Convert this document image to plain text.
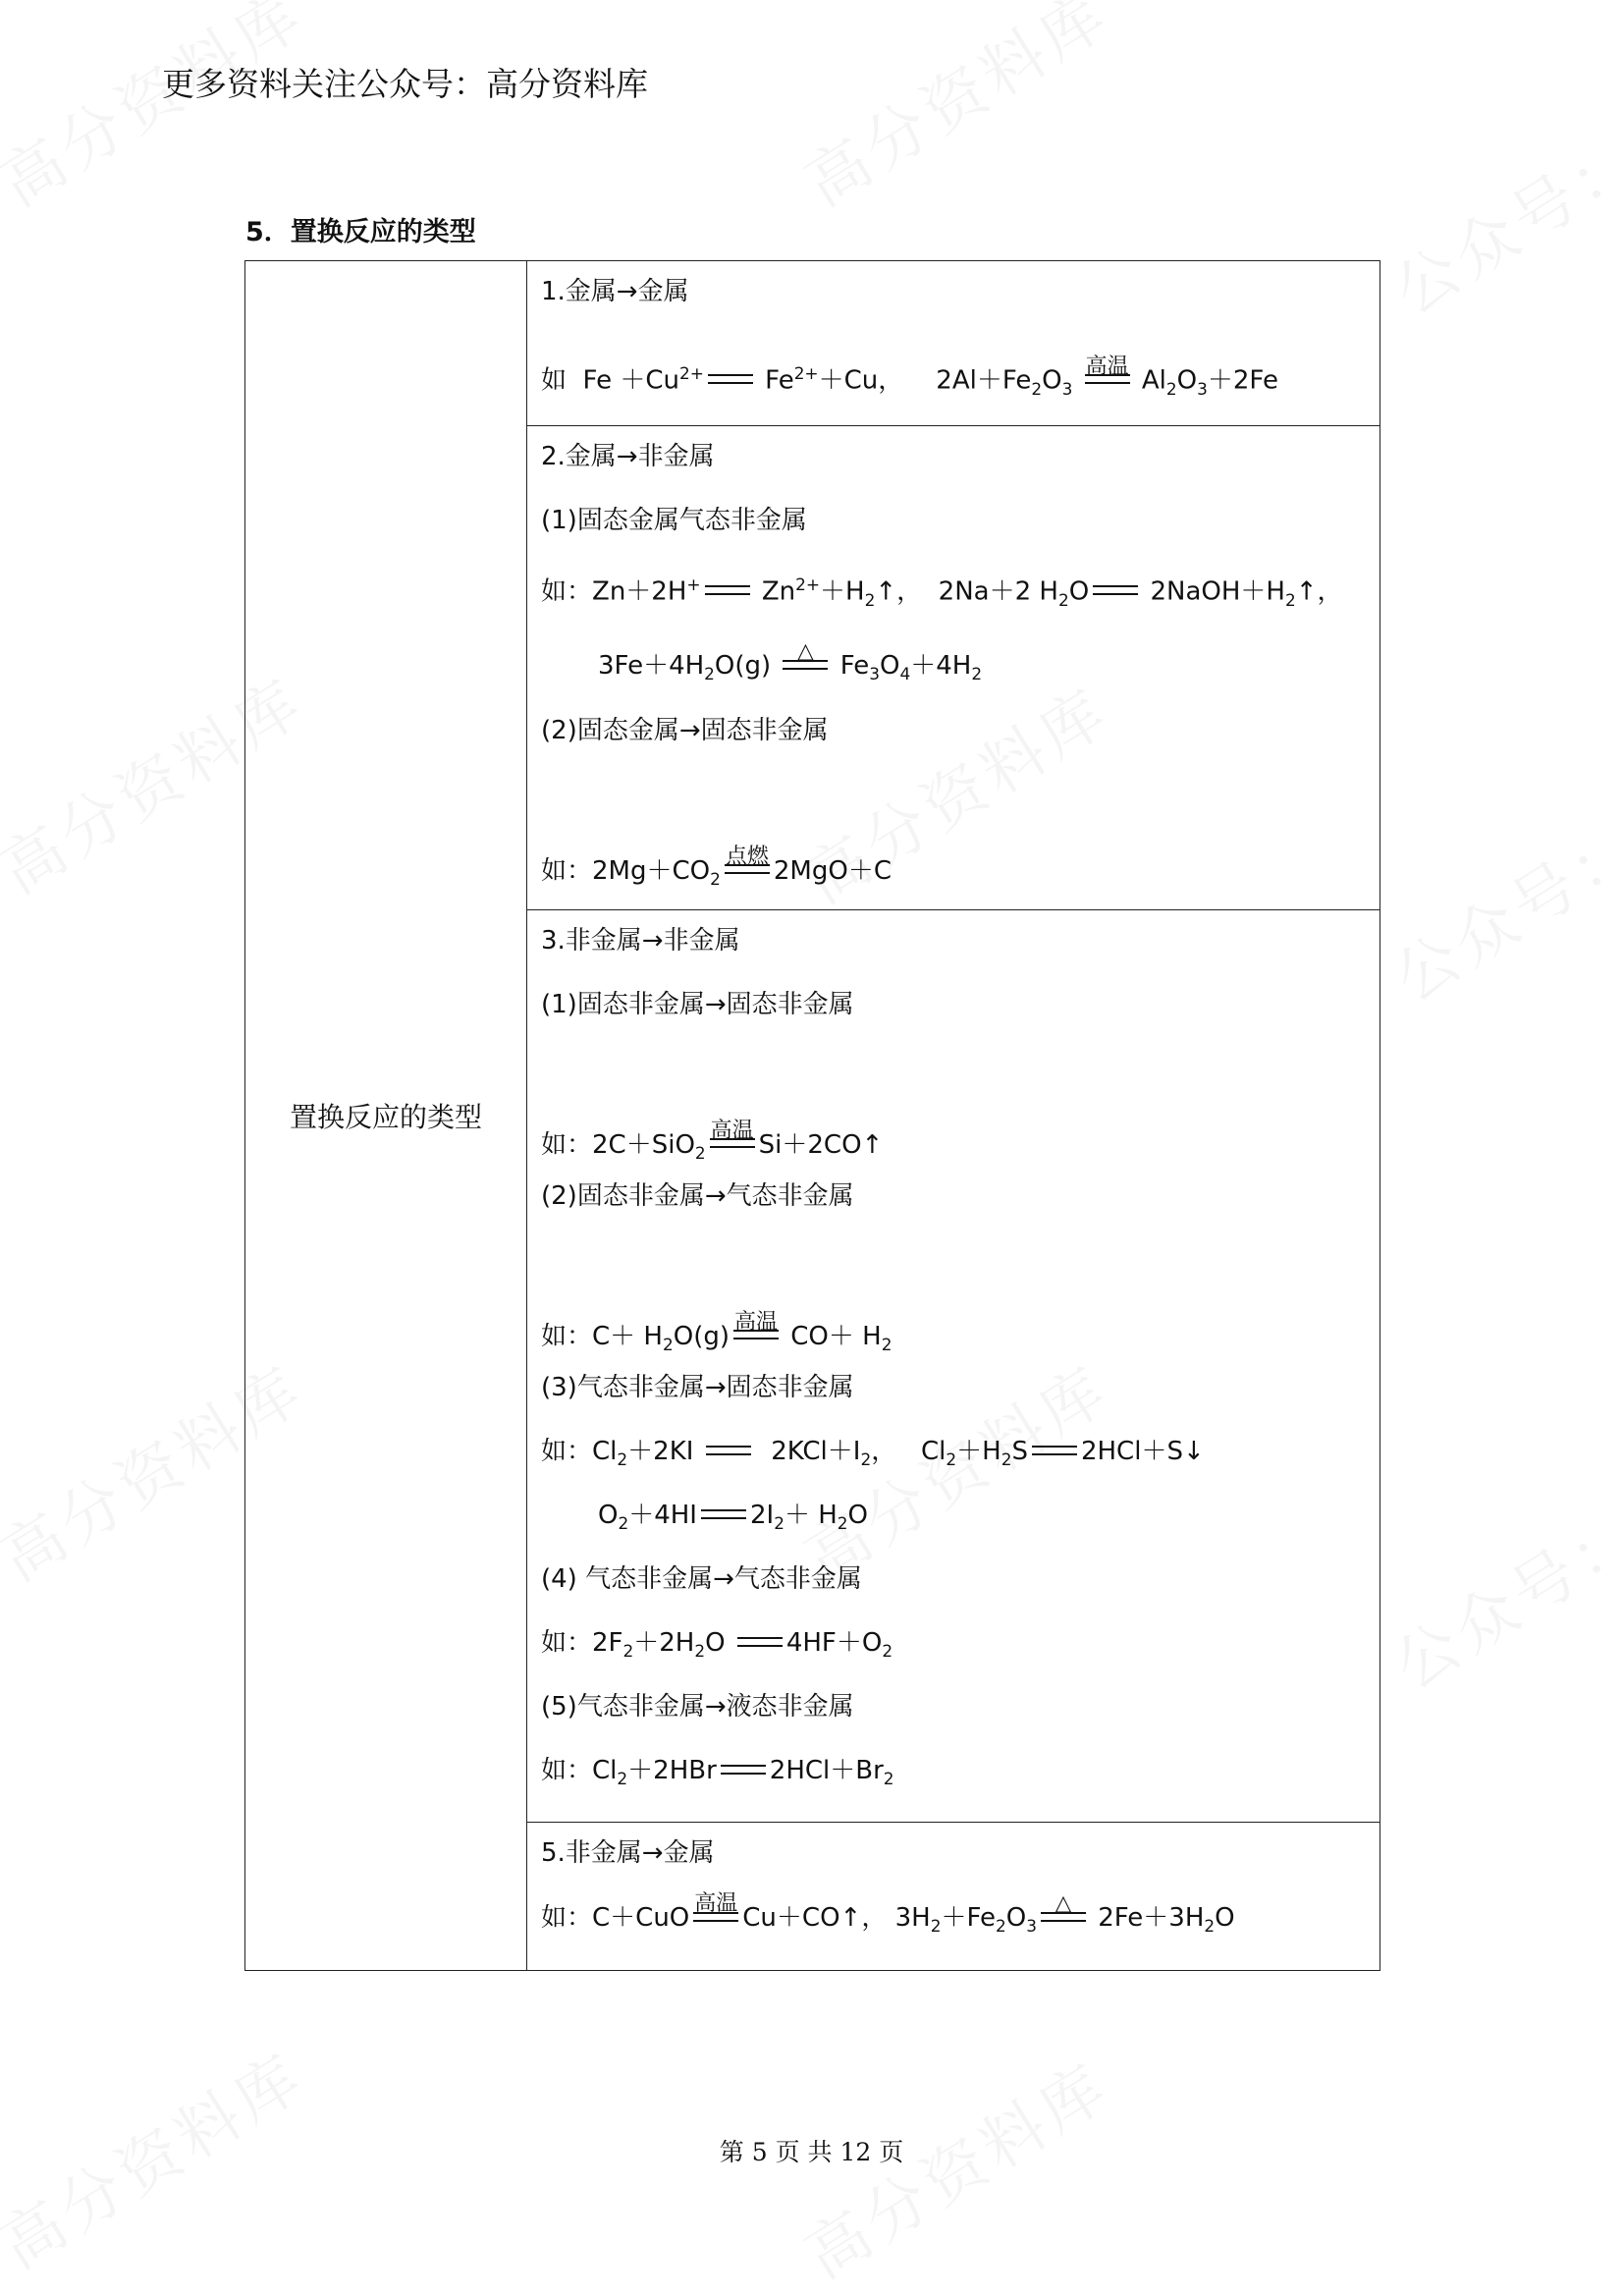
更多资料关注公众号：高分资料库
5．置换反应的类型
置换反应的类型	
1.金属→金属
如 $Fe +Cu^{2+}$ $Fe^{2+}+Cu$， $2Al+Fe_2O_3$
高温 $Al_2O_3+2Fe$

2.金属→非金属
(1)固态金属气态非金属
如：Zn＋2H+ $Zn^{2+}+H_2↑$， 2Na＋2 $H_2O$ $2NaOH+H_2↑$，
$3Fe+4H_2O(g)$ △ $Fe_3O_4+4H_2$
(2)固态金属→固态非金属
如：$2Mg+CO_2$
点燃 2MgO＋C

3.非金属→非金属
(1)固态非金属→固态非金属
如：2C＋SiO$_2$
高温 Si＋2CO↑
(2)固态非金属→气态非金属
如：$C+ H_2O(g)$ 高温 $CO+ H_2$
(3)气态非金属→固态非金属
如：$Cl_2+2KI$	$2KCl+I_2$， $Cl_2+H_2S$ 2HCl＋S↓
$O_2+4HI$ $2I_2+ H_2O$
(4) 气态非金属→气态非金属
如：$2F_2+2H_2O$ $4HF+O_2$
(5)气态非金属→液态非金属
如：$Cl_2+2HBr$ $2HCl+Br_2$

5.非金属→金属
如：C＋CuO 高温 Cu＋CO↑， $3H_2+Fe_2O_3$
△ $2Fe+3H_2O$
第 5 页 共 12 页
